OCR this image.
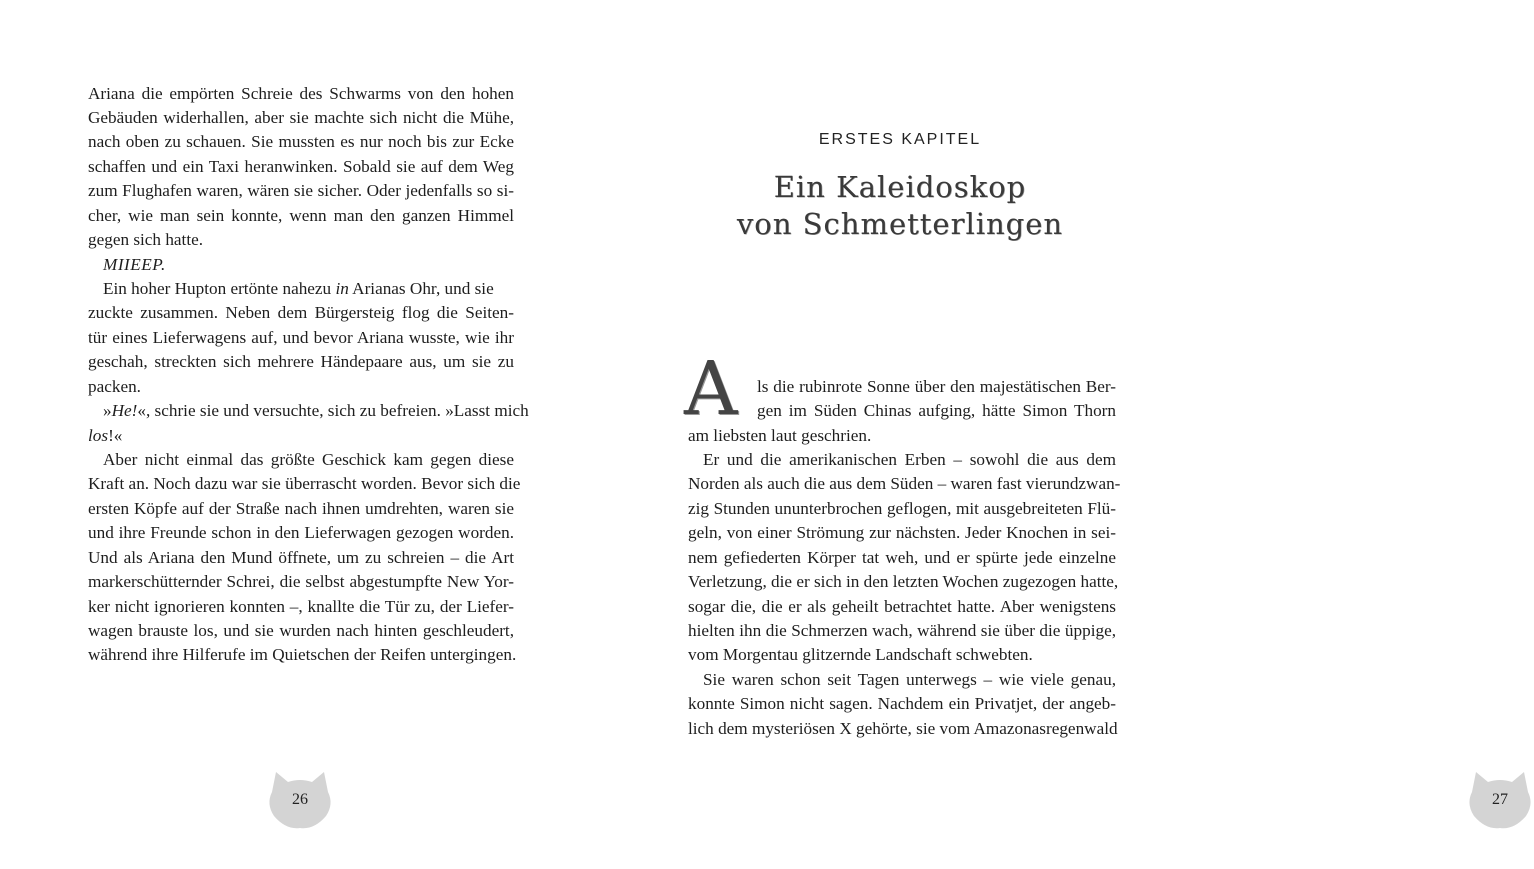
Ariana die empörten Schreie des Schwarms von den hohen
Gebäuden widerhallen, aber sie machte sich nicht die Mühe,
nach oben zu schauen. Sie mussten es nur noch bis zur Ecke
schaffen und ein Taxi heranwinken. Sobald sie auf dem Weg
zum Flughafen waren, wären sie sicher. Oder jedenfalls so si-
cher, wie man sein konnte, wenn man den ganzen Himmel
gegen sich hatte.
MIIEEP.
Ein hoher Hupton ertönte nahezu in Arianas Ohr, und sie
zuckte zusammen. Neben dem Bürgersteig flog die Seiten-
tür eines Lieferwagens auf, und bevor Ariana wusste, wie ihr
geschah, streckten sich mehrere Händepaare aus, um sie zu
packen.
»He!«, schrie sie und versuchte, sich zu befreien. »Lasst mich
los!«
Aber nicht einmal das größte Geschick kam gegen diese
Kraft an. Noch dazu war sie überrascht worden. Bevor sich die
ersten Köpfe auf der Straße nach ihnen umdrehten, waren sie
und ihre Freunde schon in den Lieferwagen gezogen worden.
Und als Ariana den Mund öffnete, um zu schreien – die Art
markerschütternder Schrei, die selbst abgestumpfte New Yor-
ker nicht ignorieren konnten –, knallte die Tür zu, der Liefer-
wagen brauste los, und sie wurden nach hinten geschleudert,
während ihre Hilferufe im Quietschen der Reifen untergingen.
26
ERSTES KAPITEL
Ein Kaleidoskop
von Schmetterlingen
A ls die rubinrote Sonne über den majestätischen Ber-
gen im Süden Chinas aufging, hätte Simon Thorn
am liebsten laut geschrien.
Er und die amerikanischen Erben – sowohl die aus dem
Norden als auch die aus dem Süden – waren fast vierundzwan-
zig Stunden ununterbrochen geflogen, mit ausgebreiteten Flü-
geln, von einer Strömung zur nächsten. Jeder Knochen in sei-
nem gefiederten Körper tat weh, und er spürte jede einzelne
Verletzung, die er sich in den letzten Wochen zugezogen hatte,
sogar die, die er als geheilt betrachtet hatte. Aber wenigstens
hielten ihn die Schmerzen wach, während sie über die üppige,
vom Morgentau glitzernde Landschaft schwebten.
Sie waren schon seit Tagen unterwegs – wie viele genau,
konnte Simon nicht sagen. Nachdem ein Privatjet, der angeb-
lich dem mysteriösen X gehörte, sie vom Amazonasregenwald
27
